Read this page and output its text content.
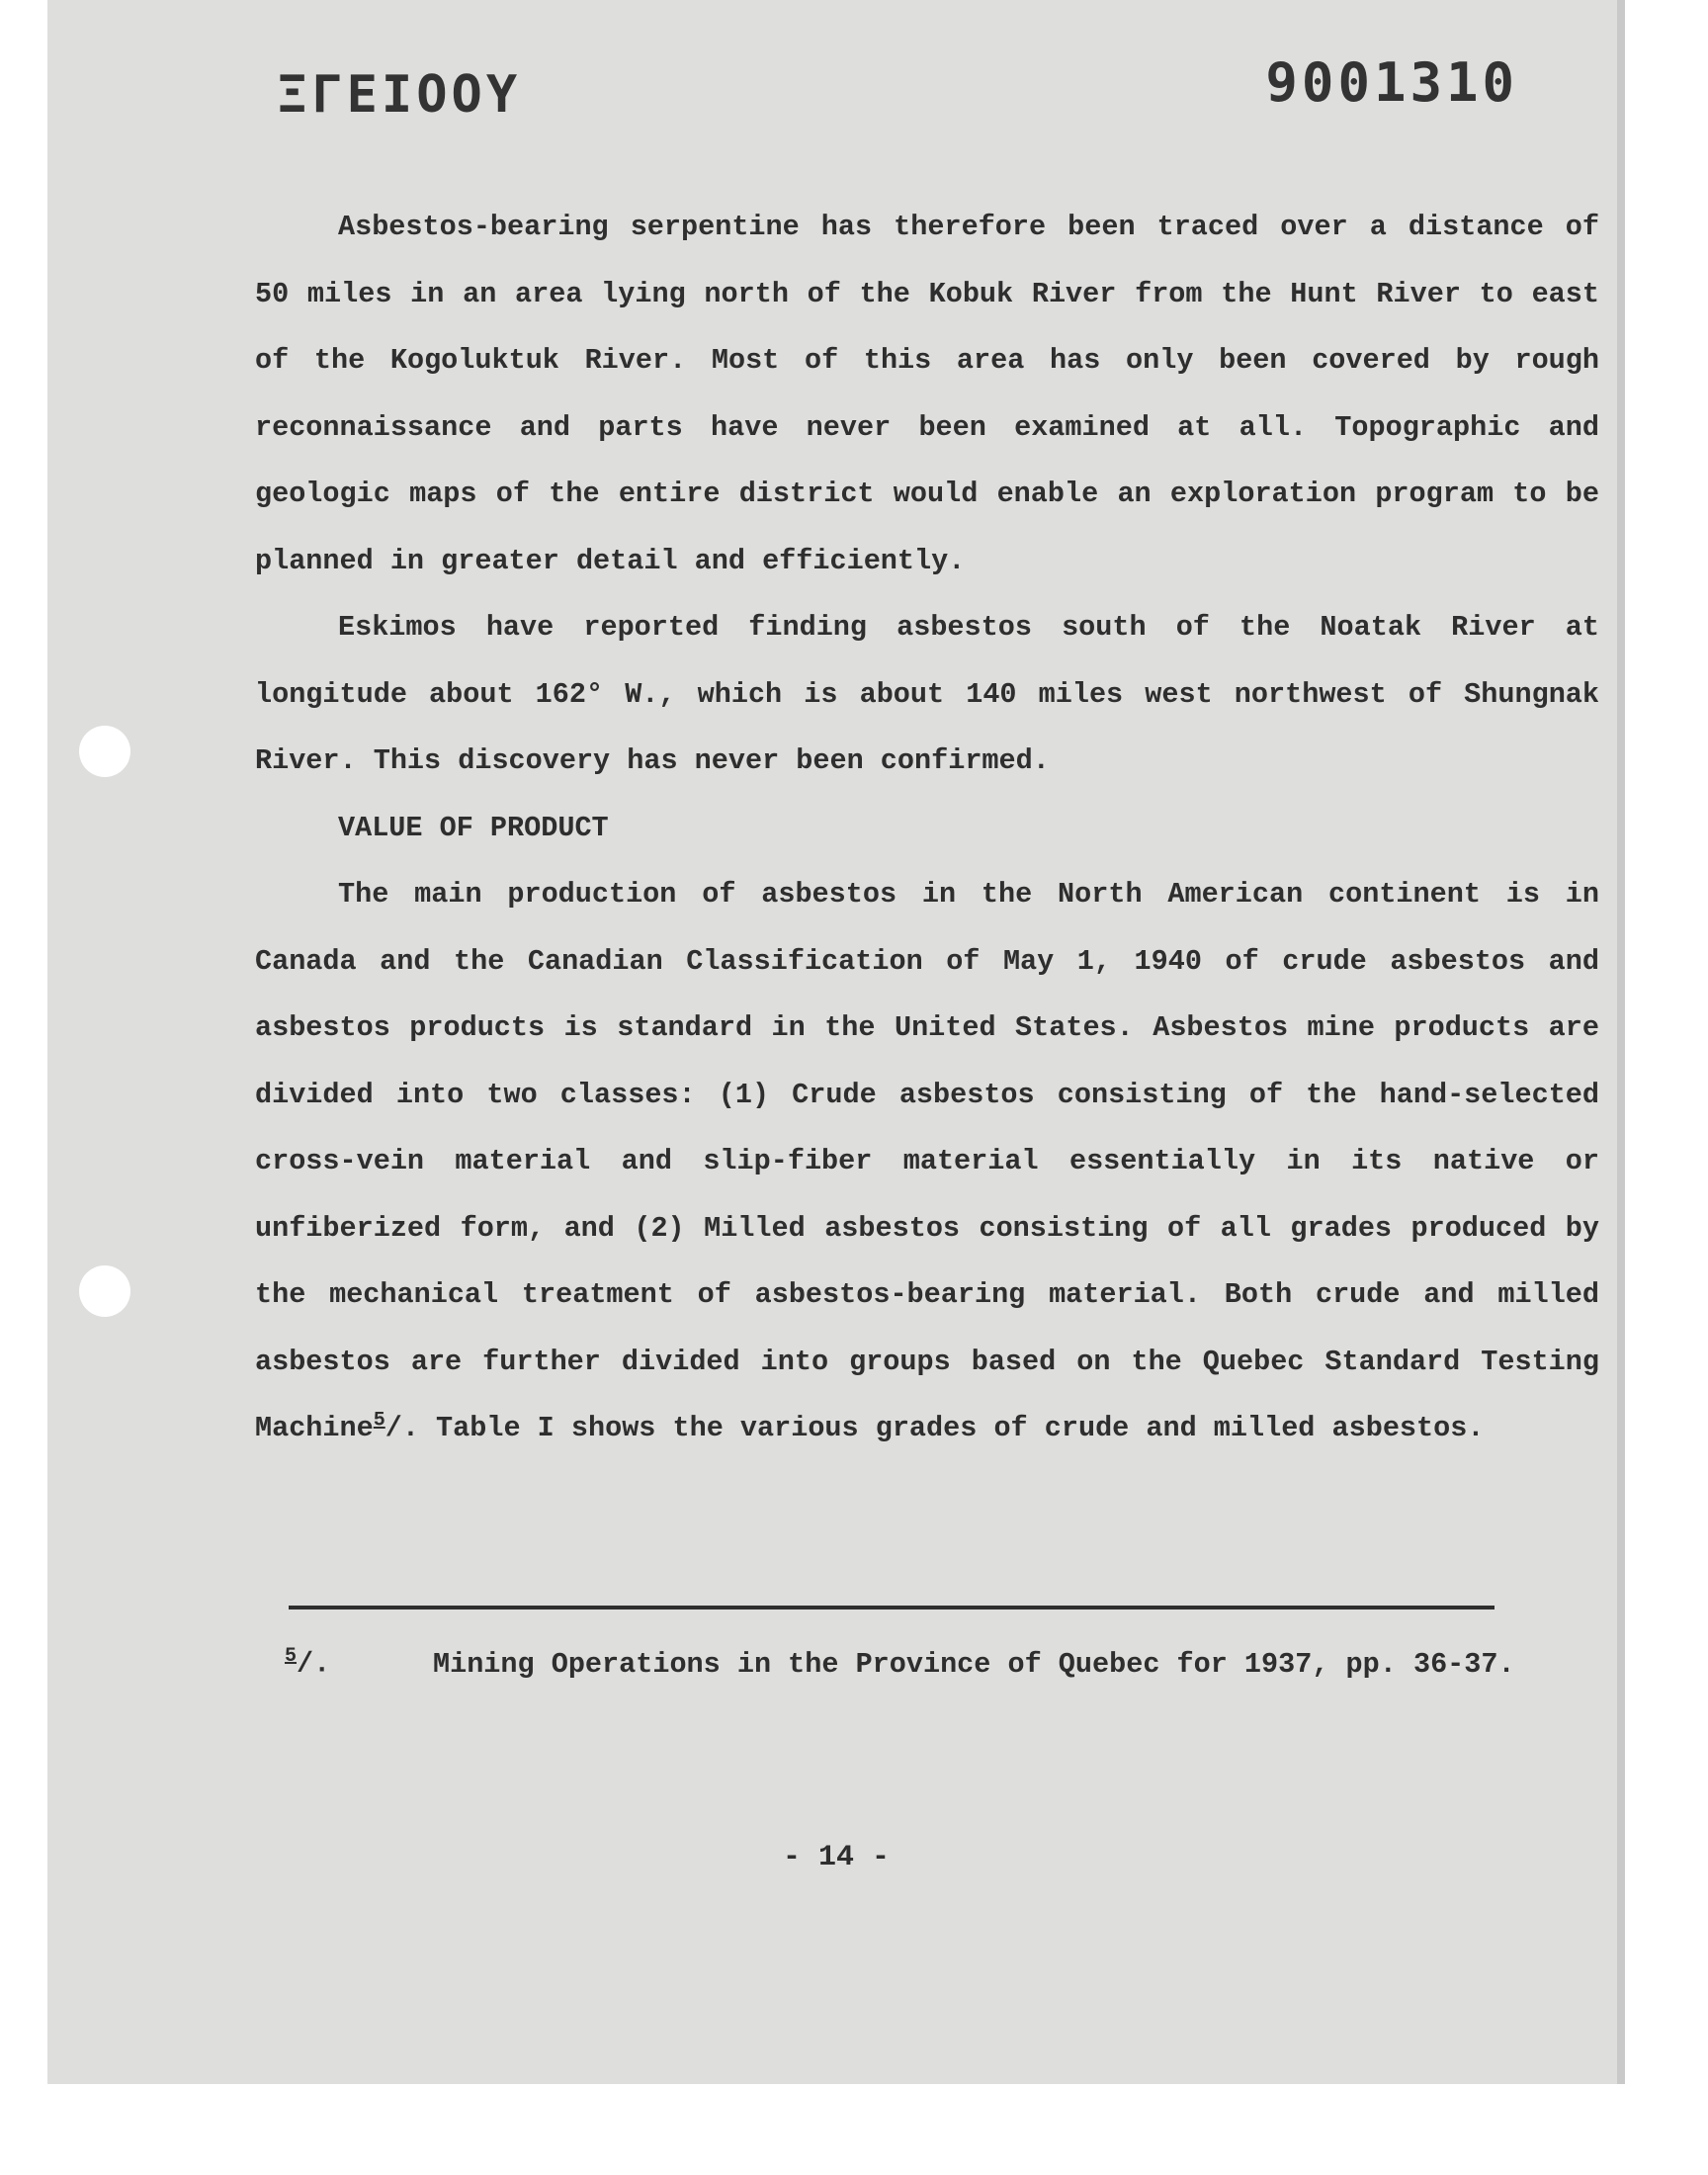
ΞΓΕΙΟΟΥ	9001310

Asbestos-bearing serpentine has therefore been traced over a distance of 50 miles in an area lying north of the Kobuk River from the Hunt River to east of the Kogoluktuk River. Most of this area has only been covered by rough reconnaissance and parts have never been examined at all. Topographic and geologic maps of the entire district would enable an exploration program to be planned in greater detail and efficiently.

Eskimos have reported finding asbestos south of the Noatak River at longitude about 162° W., which is about 140 miles west northwest of Shungnak River. This discovery has never been confirmed.

VALUE OF PRODUCT

The main production of asbestos in the North American continent is in Canada and the Canadian Classification of May 1, 1940 of crude asbestos and asbestos products is standard in the United States. Asbestos mine products are divided into two classes: (1) Crude asbestos consisting of the hand-selected cross-vein material and slip-fiber material essentially in its native or unfiberized form, and (2) Milled asbestos consisting of all grades produced by the mechanical treatment of asbestos-bearing material. Both crude and milled asbestos are further divided into groups based on the Quebec Standard Testing Machine$^5$/. Table I shows the various grades of crude and milled asbestos.

$^5$/.	Mining Operations in the Province of Quebec for 1937, pp. 36-37.
- 14 -
